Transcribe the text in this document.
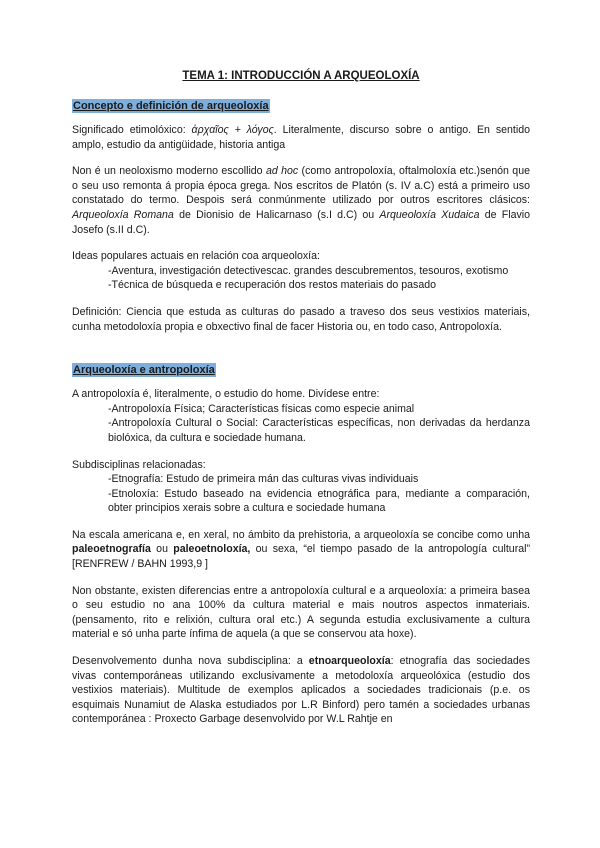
TEMA 1: INTRODUCCIÓN A ARQUEOLOXÍA
Concepto e definición de arqueoloxía

Significado etimolóxico: ἀρχαῖος + λόγος. Literalmente, discurso sobre o antigo. En sentido amplo, estudio da antigüidade, historia antiga

Non é un neoloxismo moderno escollido ad hoc (como antropoloxía, oftalmoloxía etc.)senón que o seu uso remonta á propia época grega. Nos escritos de Platón (s. IV a.C) está a primeiro uso constatado do termo. Despois será conmúnmente utilizado por outros escritores clásicos: Arqueoloxía Romana de Dionisio de Halicarnaso (s.I d.C) ou Arqueoloxía Xudaica de Flavio Josefo (s.II d.C).

Ideas populares actuais en relación coa arqueoloxía:
-Aventura, investigación detectivescac. grandes descubrementos, tesouros, exotismo
-Técnica de búsqueda e recuperación dos restos materiais do pasado

Definición: Ciencia que estuda as culturas do pasado a traveso dos seus vestixios materiais, cunha metodoloxía propia e obxectivo final de facer Historia ou, en todo caso, Antropoloxía.

Arqueoloxía e antropoloxía
A antropoloxía é, literalmente, o estudio do home. Divídese entre:
-Antropoloxía Física; Características físicas como especie animal
-Antropoloxía Cultural o Social: Características específicas, non derivadas da herdanza biolóxica, da cultura e sociedade humana.
Subdisciplinas relacionadas:
-Etnografía: Estudo de primeira mán das culturas vivas individuais
-Etnoloxía: Estudo baseado na evidencia etnográfica para, mediante a comparación, obter principios xerais sobre a cultura e sociedade humana

Na escala americana e, en xeral, no ámbito da prehistoria, a arqueoloxía se concibe como unha paleoetnografía ou paleoetnoloxía, ou sexa, “el tiempo pasado de la antropología cultural” [RENFREW / BAHN 1993,9 ]

Non obstante, existen diferencias entre a antropoloxía cultural e a arqueoloxía: a primeira basea o seu estudio no ana 100% da cultura material e mais noutros aspectos inmateriais. (pensamento, rito e relixión, cultura oral etc.) A segunda estudia exclusivamente a cultura material e só unha parte ínfima de aquela (a que se conservou ata hoxe).

Desenvolvemento dunha nova subdisciplina: a etnoarqueoloxía: etnografía das sociedades vivas contemporáneas utilizando exclusivamente a metodoloxía arqueolóxica (estudio dos vestixios materiais). Multitude de exemplos aplicados a sociedades tradicionais (p.e. os esquimais Nunamiut de Alaska estudiados por L.R Binford) pero tamén a sociedades urbanas contemporánea : Proxecto Garbage desenvolvido por W.L Rahtje en
